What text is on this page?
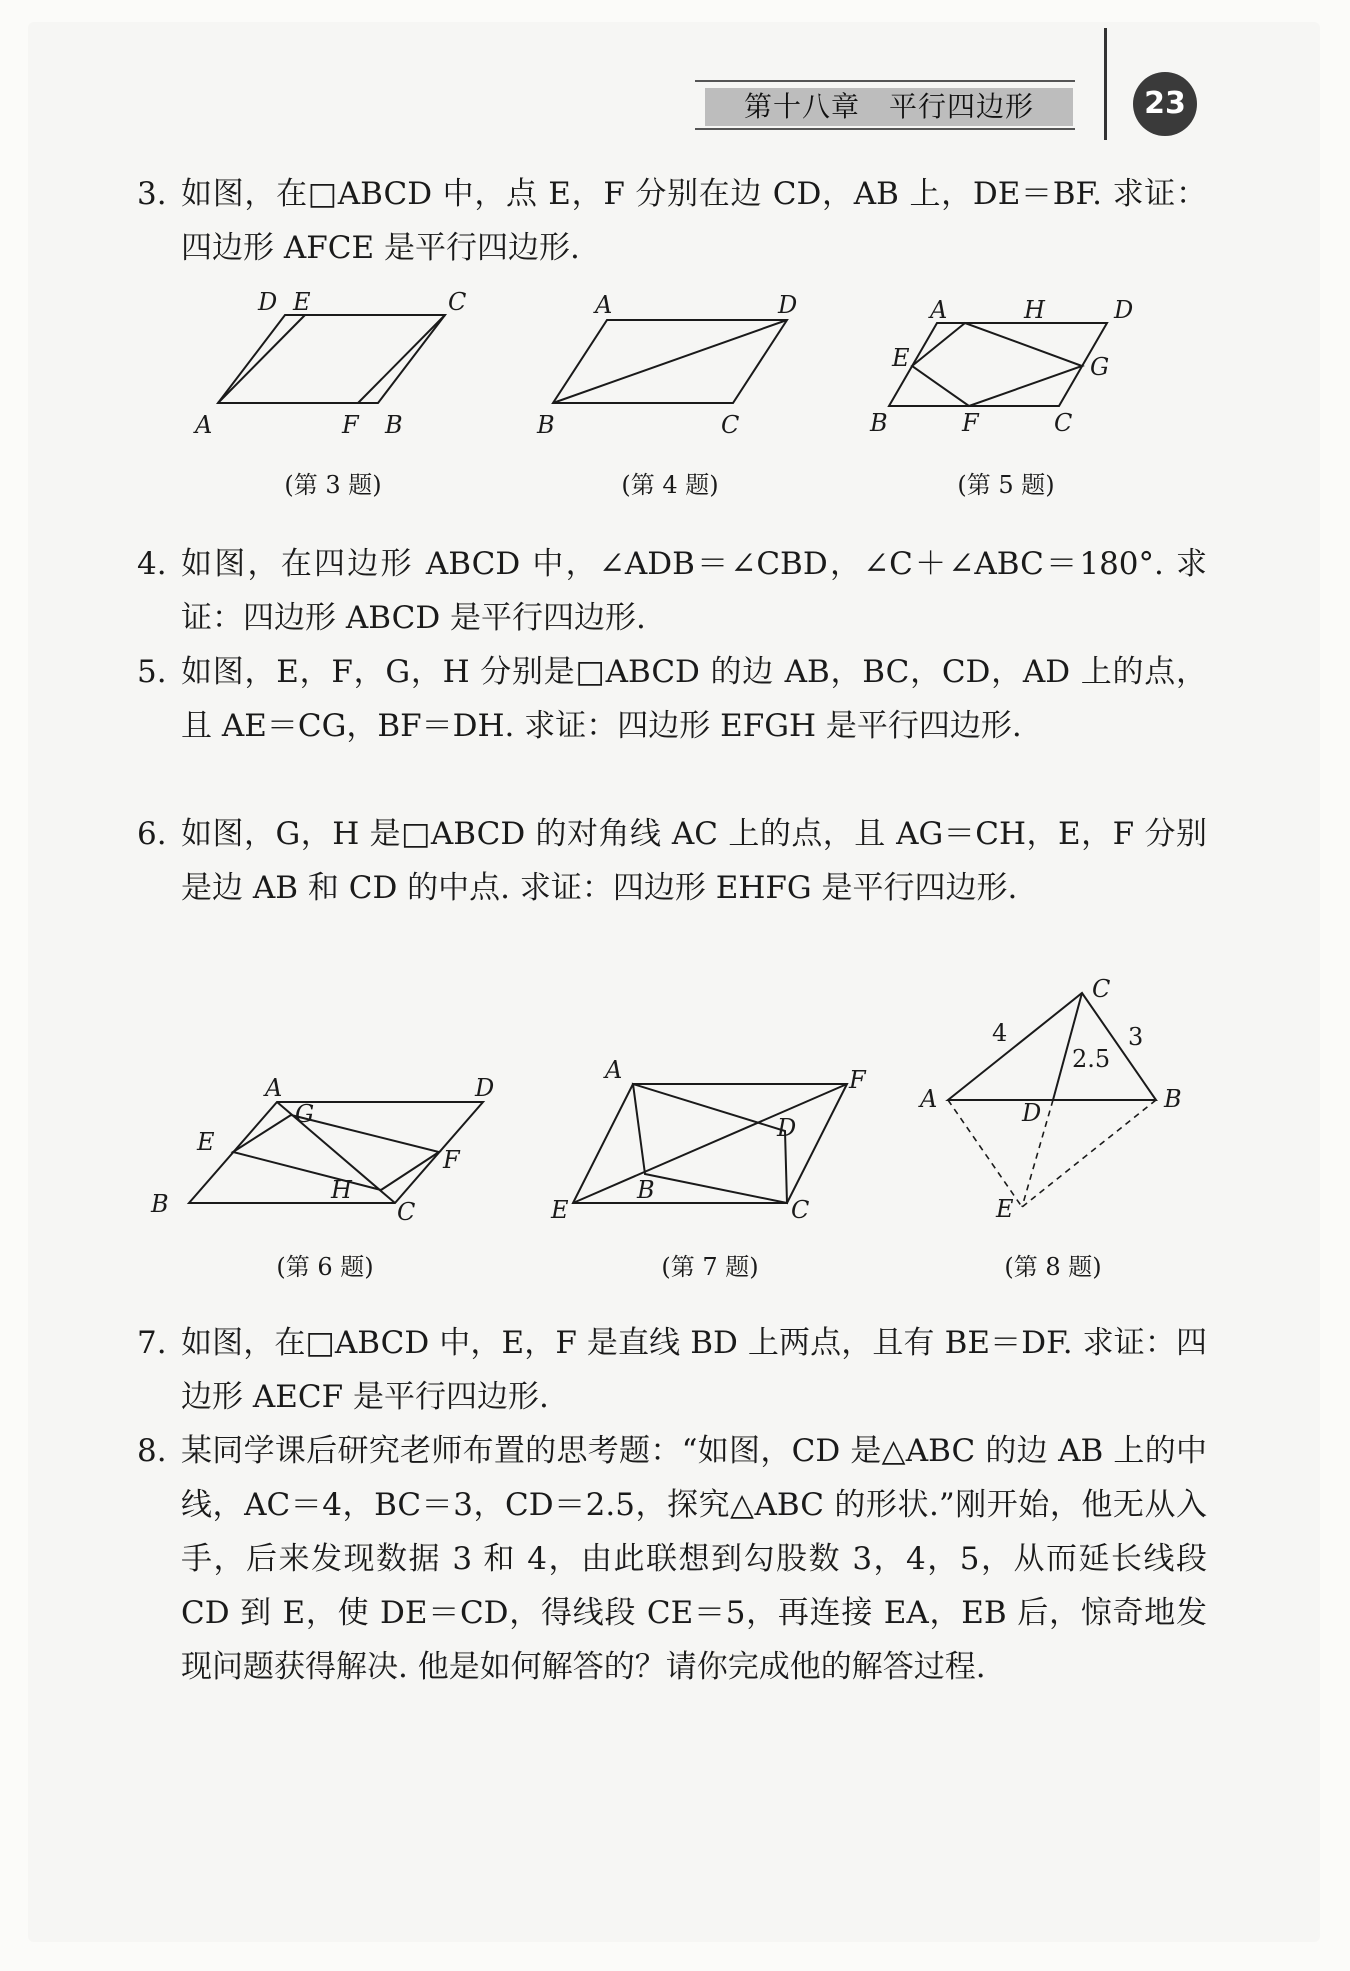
第十八章　平行四边形	23
3. 如图，在□ABCD 中，点 E，F 分别在边 CD，AB 上，DE＝BF. 求证：四边形 AFCE 是平行四边形.
D E	C
A	F B
(第 3 题)
A	D
B	C
(第 4 题)
A	H	D
E	G
B	F	C
(第 5 题)
4. 如图，在四边形 ABCD 中，∠ADB＝∠CBD，∠C＋∠ABC＝180°. 求证：四边形 ABCD 是平行四边形.
5. 如图，E，F，G，H 分别是□ABCD 的边 AB，BC，CD，AD 上的点，且 AE＝CG，BF＝DH. 求证：四边形 EFGH 是平行四边形.
6. 如图，G，H 是□ABCD 的对角线 AC 上的点，且 AG＝CH，E，F 分别是边 AB 和 CD 的中点. 求证：四边形 EHFG 是平行四边形.
A	D
G
E
F
B	H
C
(第 6 题)
A	F
D
B
E	C
(第 7 题)
C
4	3
2.5
A	D	B
E
(第 8 题)
7. 如图，在□ABCD 中，E，F 是直线 BD 上两点，且有 BE＝DF. 求证：四边形 AECF 是平行四边形.
8. 某同学课后研究老师布置的思考题：“如图，CD 是△ABC 的边 AB 上的中线，AC＝4，BC＝3，CD＝2.5，探究△ABC 的形状.”刚开始，他无从入手，后来发现数据 3 和 4，由此联想到勾股数 3，4，5，从而延长线段 CD 到 E，使 DE＝CD，得线段 CE＝5，再连接 EA，EB 后，惊奇地发现问题获得解决. 他是如何解答的？请你完成他的解答过程.
